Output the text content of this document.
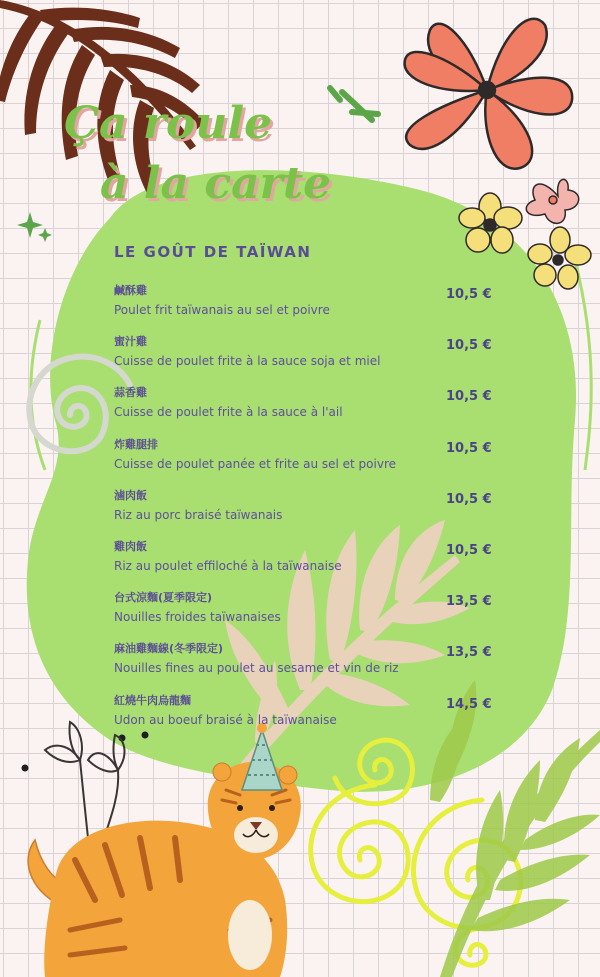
Ça roule
à la carte
LE GOÛT DE TAÏWAN
鹹酥雞
Poulet frit taïwanais au sel et poivre
10,5 €
蜜汁雞
Cuisse de poulet frite à la sauce soja et miel
10,5 €
蒜香雞
Cuisse de poulet frite à la sauce à l'ail
10,5 €
炸雞腿排
Cuisse de poulet panée et frite au sel et poivre
10,5 €
滷肉飯
Riz au porc braisé taïwanais
10,5 €
雞肉飯
Riz au poulet effiloché à la taïwanaise
10,5 €
台式涼麵(夏季限定)
Nouilles froides taïwanaises
13,5 €
麻油雞麵線(冬季限定)
Nouilles fines au poulet au sesame et vin de riz
13,5 €
紅燒牛肉烏龍麵
Udon au boeuf braisé à la taïwanaise
14,5 €
